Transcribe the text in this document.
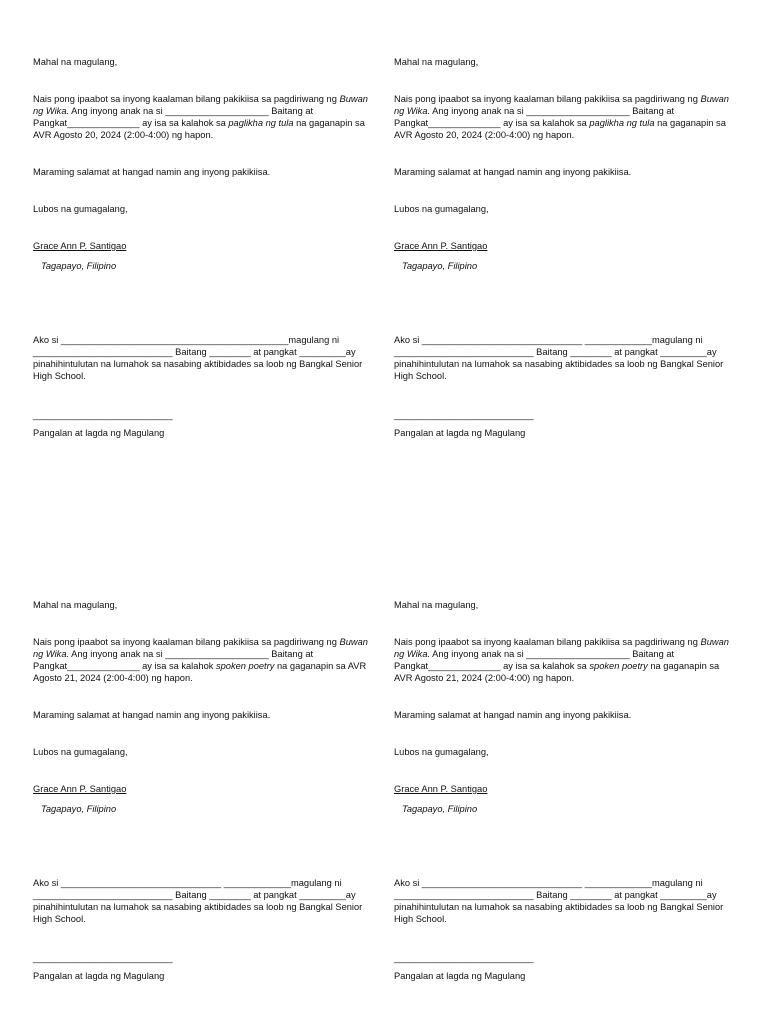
Mahal na magulang,
Nais pong ipaabot sa inyong kaalaman bilang pakikiisa sa pagdiriwang ng Buwan ng Wika. Ang inyong anak na si ____________________ Baitang at Pangkat______________ ay isa sa kalahok sa paglikha ng tula na gaganapin sa AVR Agosto 20, 2024 (2:00-4:00) ng hapon.
Maraming salamat at hangad namin ang inyong pakikiisa.
Lubos na gumagalang,
Grace Ann P. Santigao
Tagapayo, Filipino
Ako si ____________________________________________magulang ni ___________________________ Baitang ________ at pangkat _________ay pinahihintulutan na lumahok sa nasabing aktibidades sa loob ng Bangkal Senior High School.
___________________________
Pangalan at lagda ng Magulang
Mahal na magulang,
Nais pong ipaabot sa inyong kaalaman bilang pakikiisa sa pagdiriwang ng Buwan ng Wika. Ang inyong anak na si ____________________ Baitang at Pangkat______________ ay isa sa kalahok sa paglikha ng tula na gaganapin sa AVR Agosto 20, 2024 (2:00-4:00) ng hapon.
Maraming salamat at hangad namin ang inyong pakikiisa.
Lubos na gumagalang,
Grace Ann P. Santigao
Tagapayo, Filipino
Ako si _______________________________ _____________magulang ni ___________________________ Baitang ________ at pangkat _________ay pinahihintulutan na lumahok sa nasabing aktibidades sa loob ng Bangkal Senior High School.
___________________________
Pangalan at lagda ng Magulang
Mahal na magulang,
Nais pong ipaabot sa inyong kaalaman bilang pakikiisa sa pagdiriwang ng Buwan ng Wika. Ang inyong anak na si ____________________ Baitang at Pangkat______________ ay isa sa kalahok spoken poetry na gaganapin sa AVR Agosto 21, 2024 (2:00-4:00) ng hapon.
Maraming salamat at hangad namin ang inyong pakikiisa.
Lubos na gumagalang,
Grace Ann P. Santigao
Tagapayo, Filipino
Ako si _______________________________ _____________magulang ni ___________________________ Baitang ________ at pangkat _________ay pinahihintulutan na lumahok sa nasabing aktibidades sa loob ng Bangkal Senior High School.
___________________________
Pangalan at lagda ng Magulang
Mahal na magulang,
Nais pong ipaabot sa inyong kaalaman bilang pakikiisa sa pagdiriwang ng Buwan ng Wika. Ang inyong anak na si ____________________ Baitang at Pangkat______________ ay isa sa kalahok sa spoken poetry na gaganapin sa AVR Agosto 21, 2024 (2:00-4:00) ng hapon.
Maraming salamat at hangad namin ang inyong pakikiisa.
Lubos na gumagalang,
Grace Ann P. Santigao
Tagapayo, Filipino
Ako si _______________________________ _____________magulang ni ___________________________ Baitang ________ at pangkat _________ay pinahihintulutan na lumahok sa nasabing aktibidades sa loob ng Bangkal Senior High School.
___________________________
Pangalan at lagda ng Magulang
